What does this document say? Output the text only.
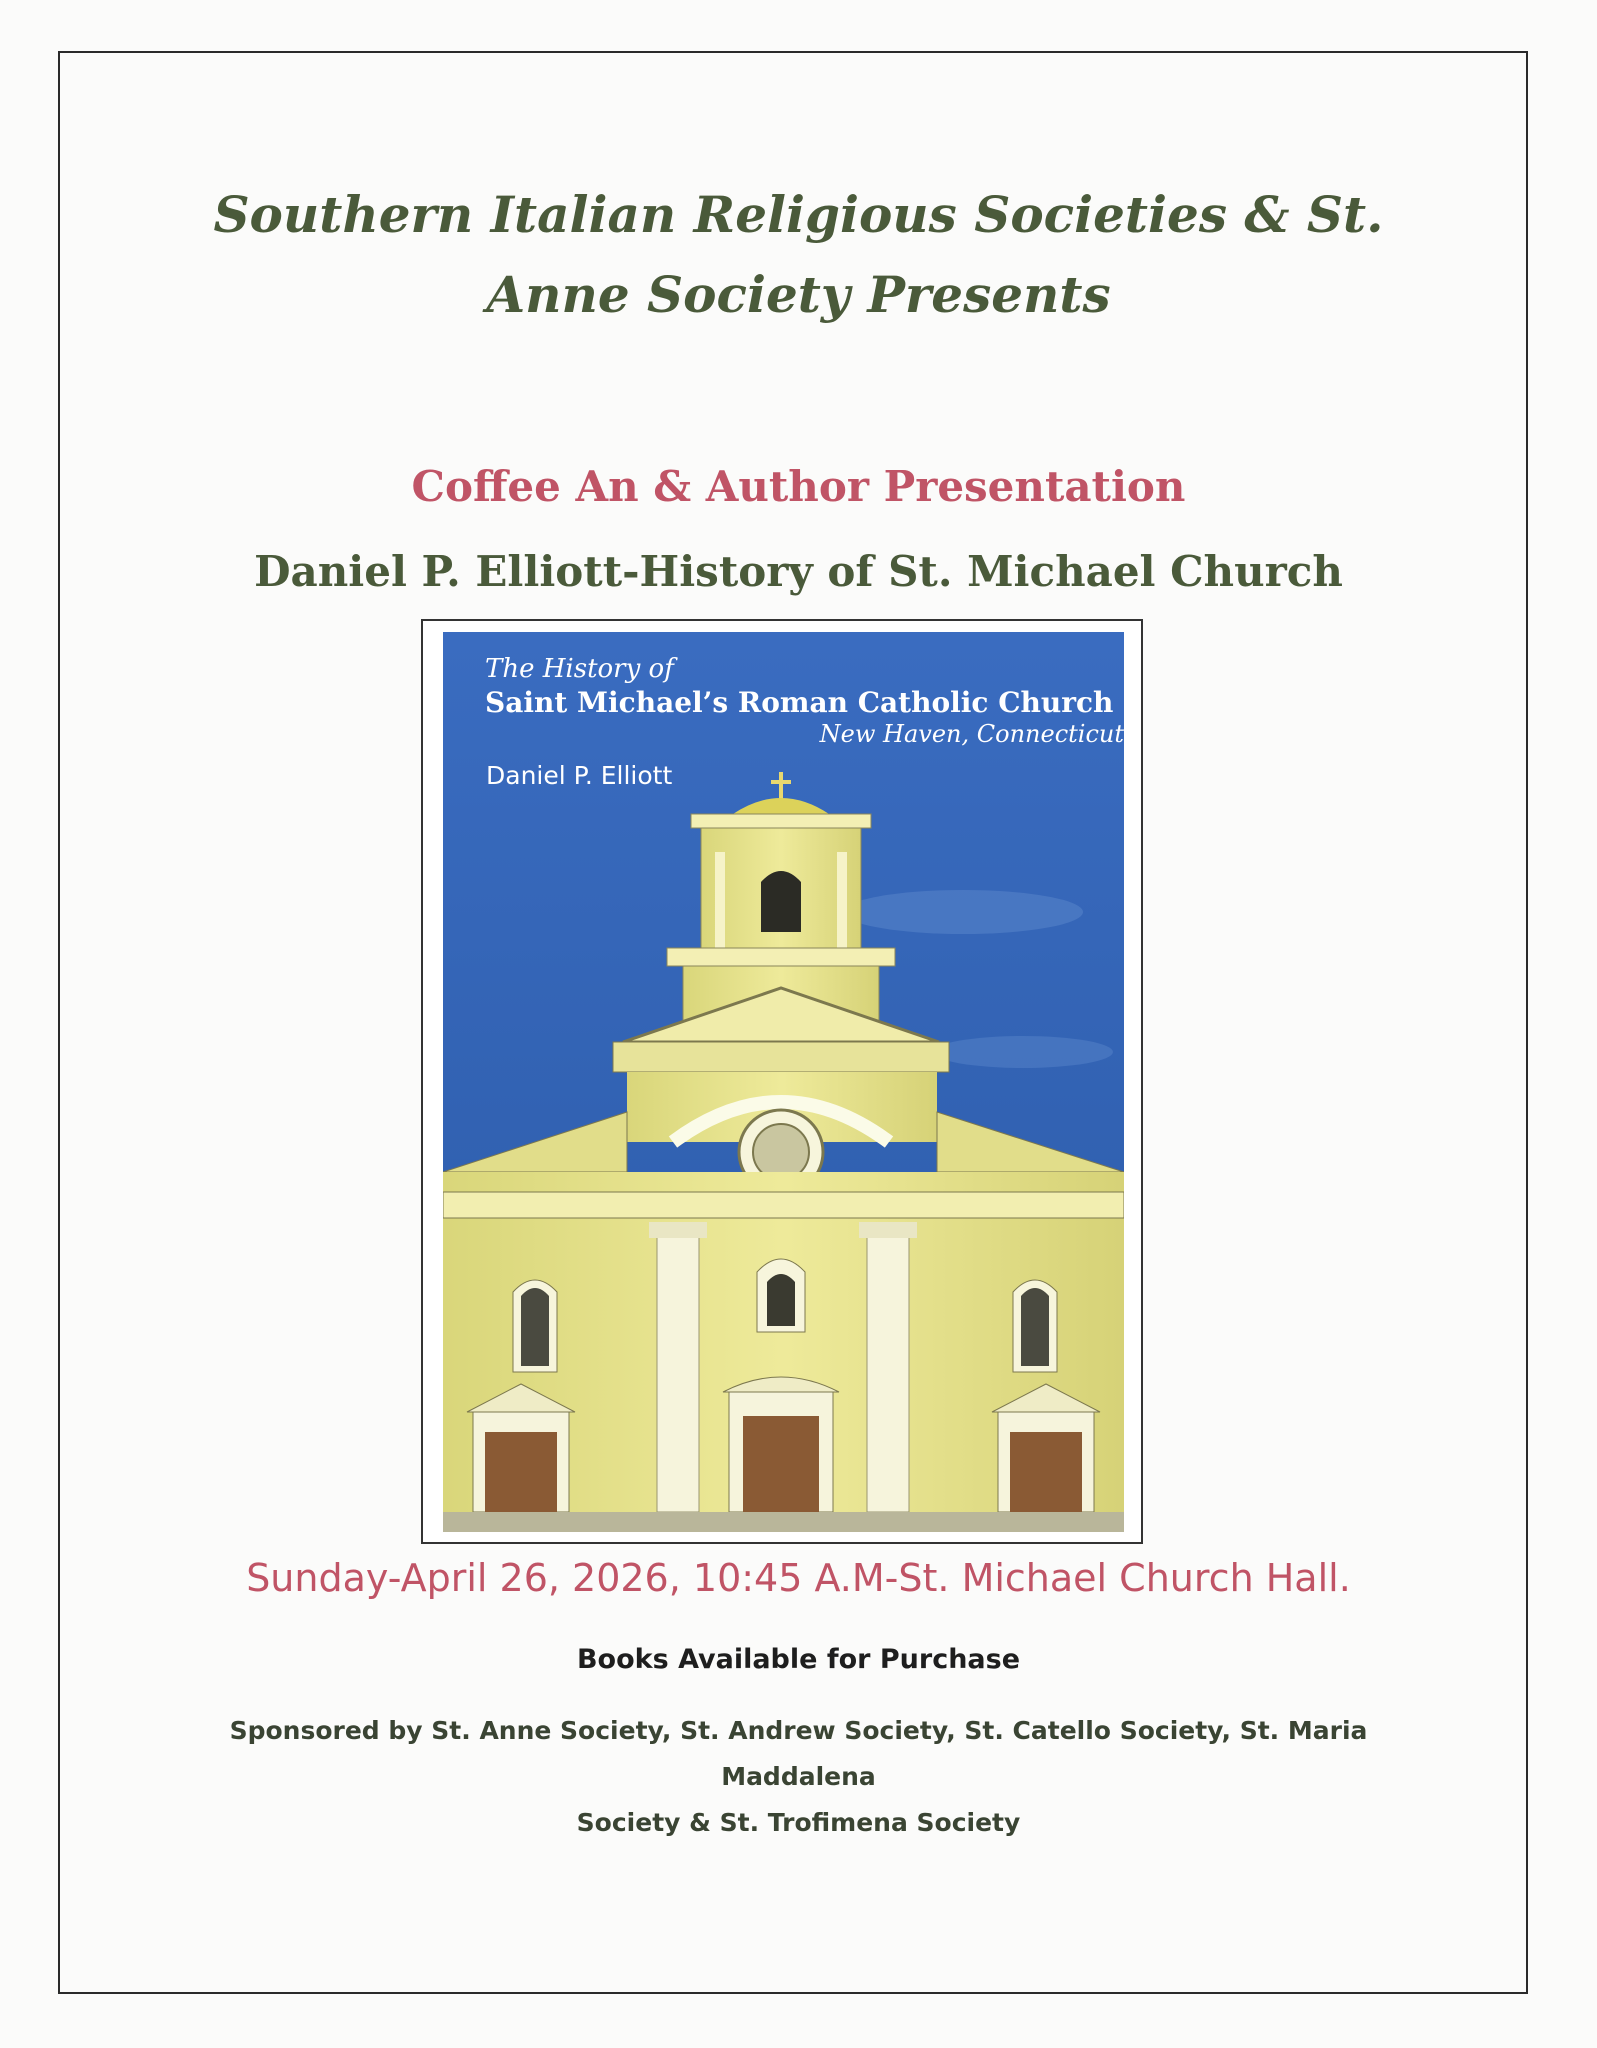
Southern Italian Religious Societies & St.
Anne Society Presents
Coffee An & Author Presentation
Daniel P. Elliott-History of St. Michael Church
The History of
Saint Michael’s Roman Catholic Church
New Haven, Connecticut
Daniel P. Elliott
Sunday-April 26, 2026, 10:45 A.M-St. Michael Church Hall.
Books Available for Purchase
Sponsored by St. Anne Society, St. Andrew Society, St. Catello Society, St. Maria Maddalena
Society & St. Trofimena Society
